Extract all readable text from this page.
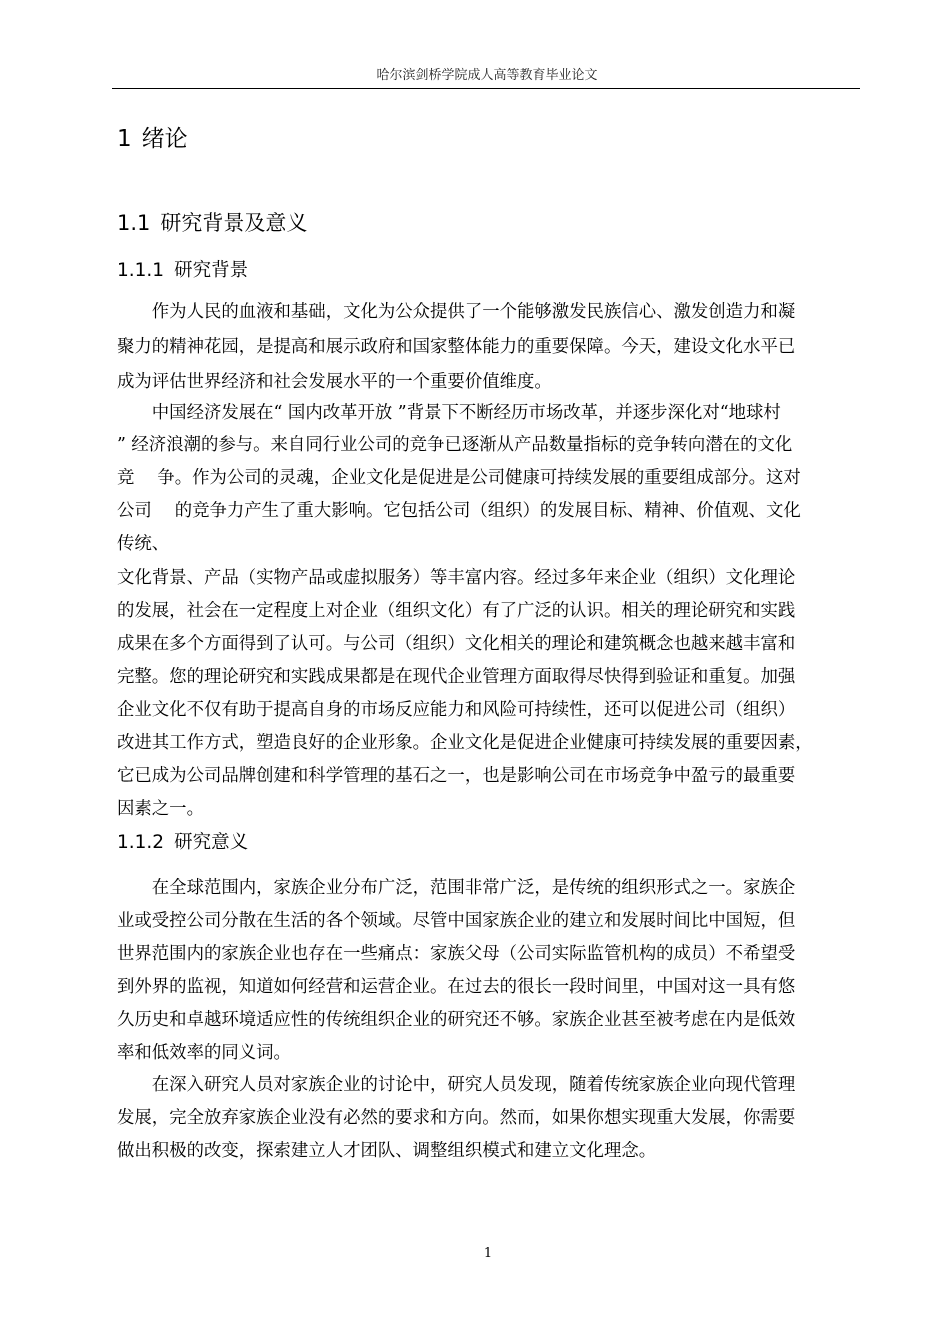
哈尔滨剑桥学院成人高等教育毕业论文
1 绪论
1.1 研究背景及意义
1.1.1 研究背景
　　作为人民的血液和基础，文化为公众提供了一个能够激发民族信心、激发创造力和凝
聚力的精神花园，是提高和展示政府和国家整体能力的重要保障。今天，建设文化水平已
成为评估世界经济和社会发展水平的一个重要价值维度。
　　中国经济发展在“ 国内改革开放 ”背景下不断经历市场改革，并逐步深化对“地球村
” 经济浪潮的参与。来自同行业公司的竞争已逐渐从产品数量指标的竞争转向潜在的文化
竞　 争。作为公司的灵魂，企业文化是促进是公司健康可持续发展的重要组成部分。这对
公司　 的竞争力产生了重大影响。它包括公司（组织）的发展目标、精神、价值观、文化
传统、
文化背景、产品（实物产品或虚拟服务）等丰富内容。经过多年来企业（组织）文化理论
的发展，社会在一定程度上对企业（组织文化）有了广泛的认识。相关的理论研究和实践
成果在多个方面得到了认可。与公司（组织）文化相关的理论和建筑概念也越来越丰富和
完整。您的理论研究和实践成果都是在现代企业管理方面取得尽快得到验证和重复。加强
企业文化不仅有助于提高自身的市场反应能力和风险可持续性，还可以促进公司（组织）
改进其工作方式，塑造良好的企业形象。企业文化是促进企业健康可持续发展的重要因素，
它已成为公司品牌创建和科学管理的基石之一，也是影响公司在市场竞争中盈亏的最重要
因素之一。
1.1.2 研究意义
　　在全球范围内，家族企业分布广泛，范围非常广泛，是传统的组织形式之一。家族企
业或受控公司分散在生活的各个领域。尽管中国家族企业的建立和发展时间比中国短，但
世界范围内的家族企业也存在一些痛点：家族父母（公司实际监管机构的成员）不希望受
到外界的监视，知道如何经营和运营企业。在过去的很长一段时间里，中国对这一具有悠
久历史和卓越环境适应性的传统组织企业的研究还不够。家族企业甚至被考虑在内是低效
率和低效率的同义词。
　　在深入研究人员对家族企业的讨论中，研究人员发现，随着传统家族企业向现代管理
发展，完全放弃家族企业没有必然的要求和方向。然而，如果你想实现重大发展，你需要
做出积极的改变，探索建立人才团队、调整组织模式和建立文化理念。
1
